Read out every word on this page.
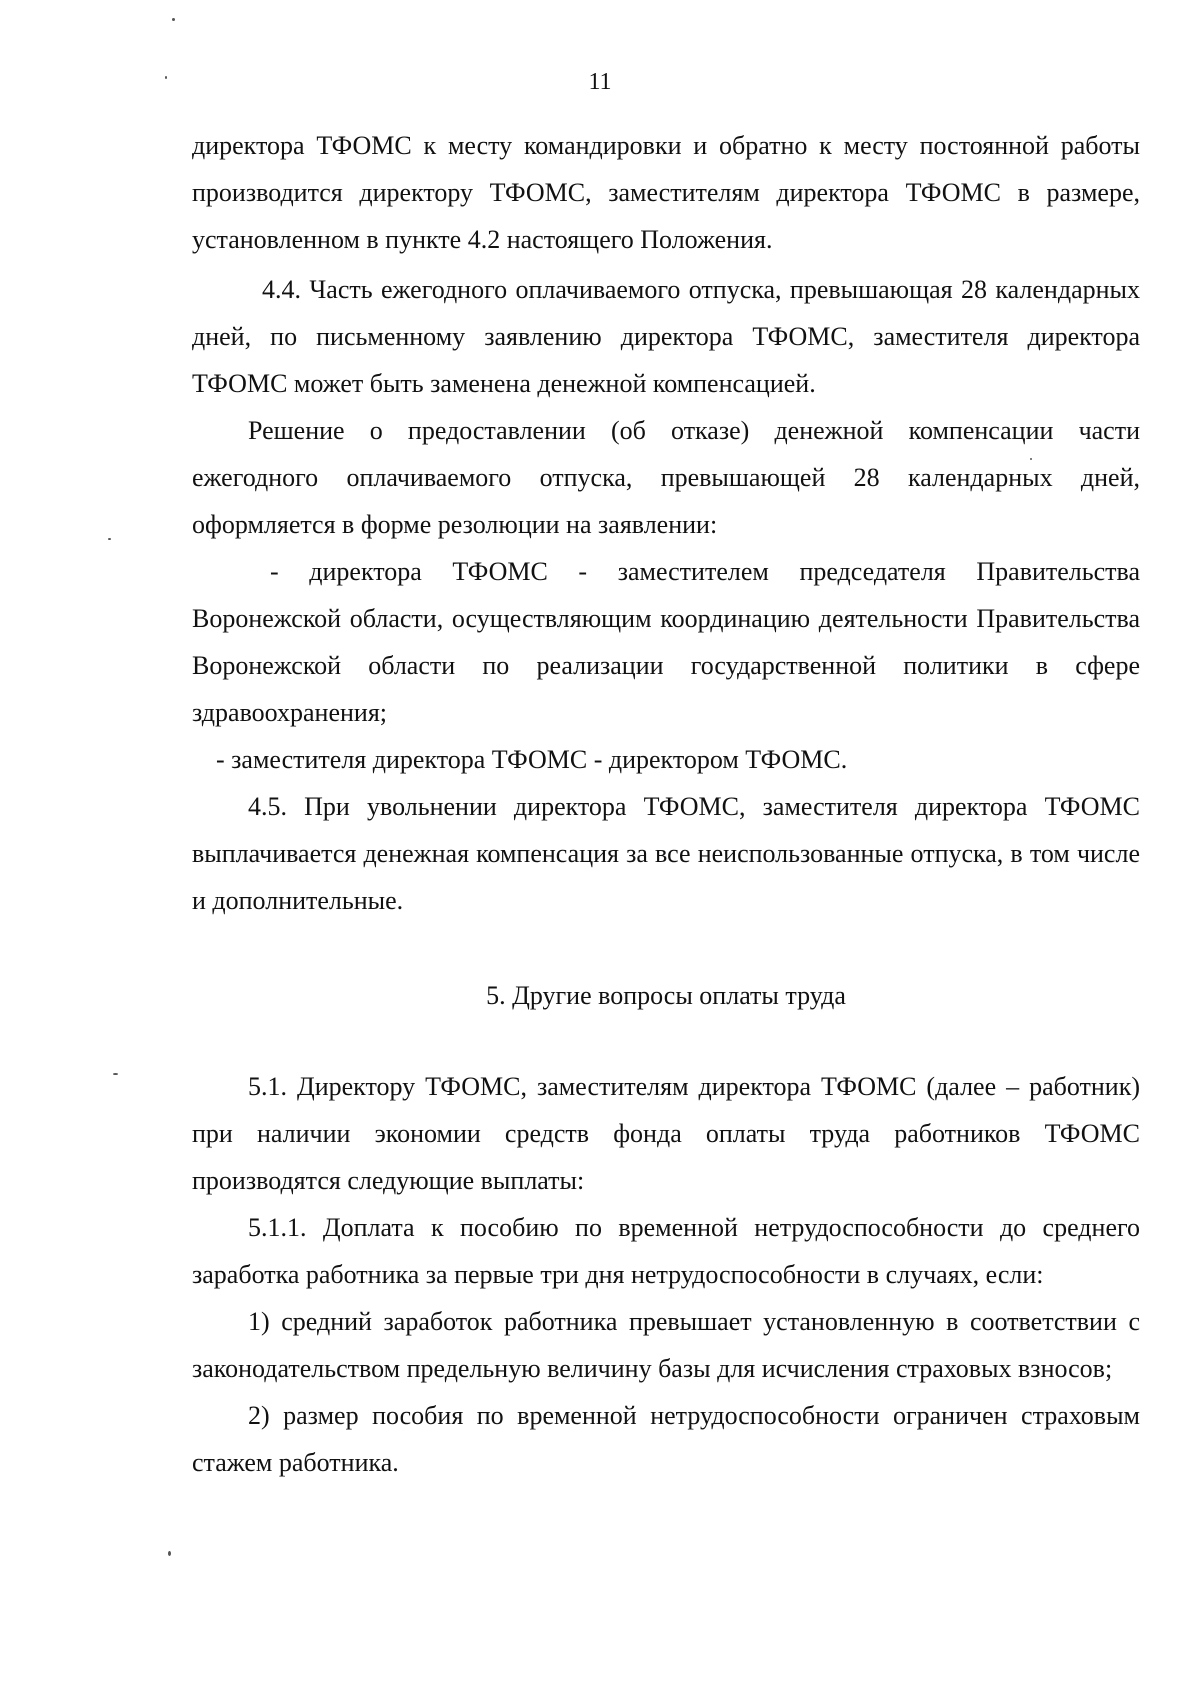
11

директора ТФОМС к месту командировки и обратно к месту постоянной работы производится директору ТФОМС, заместителям директора ТФОМС в размере, установленном в пункте 4.2 настоящего Положения.

4.4. Часть ежегодного оплачиваемого отпуска, превышающая 28 календарных дней, по письменному заявлению директора ТФОМС, заместителя директора ТФОМС может быть заменена денежной компенсацией.

Решение о предоставлении (об отказе) денежной компенсации части ежегодного оплачиваемого отпуска, превышающей 28 календарных дней, оформляется в форме резолюции на заявлении:

- директора ТФОМС - заместителем председателя Правительства Воронежской области, осуществляющим координацию деятельности Правительства Воронежской области по реализации государственной политики в сфере здравоохранения;

- заместителя директора ТФОМС - директором ТФОМС.

4.5. При увольнении директора ТФОМС, заместителя директора ТФОМС выплачивается денежная компенсация за все неиспользованные отпуска, в том числе и дополнительные.

5. Другие вопросы оплаты труда

5.1. Директору ТФОМС, заместителям директора ТФОМС (далее – работник) при наличии экономии средств фонда оплаты труда работников ТФОМС производятся следующие выплаты:

5.1.1. Доплата к пособию по временной нетрудоспособности до среднего заработка работника за первые три дня нетрудоспособности в случаях, если:

1) средний заработок работника превышает установленную в соответствии с законодательством предельную величину базы для исчисления страховых взносов;

2) размер пособия по временной нетрудоспособности ограничен страховым стажем работника.
